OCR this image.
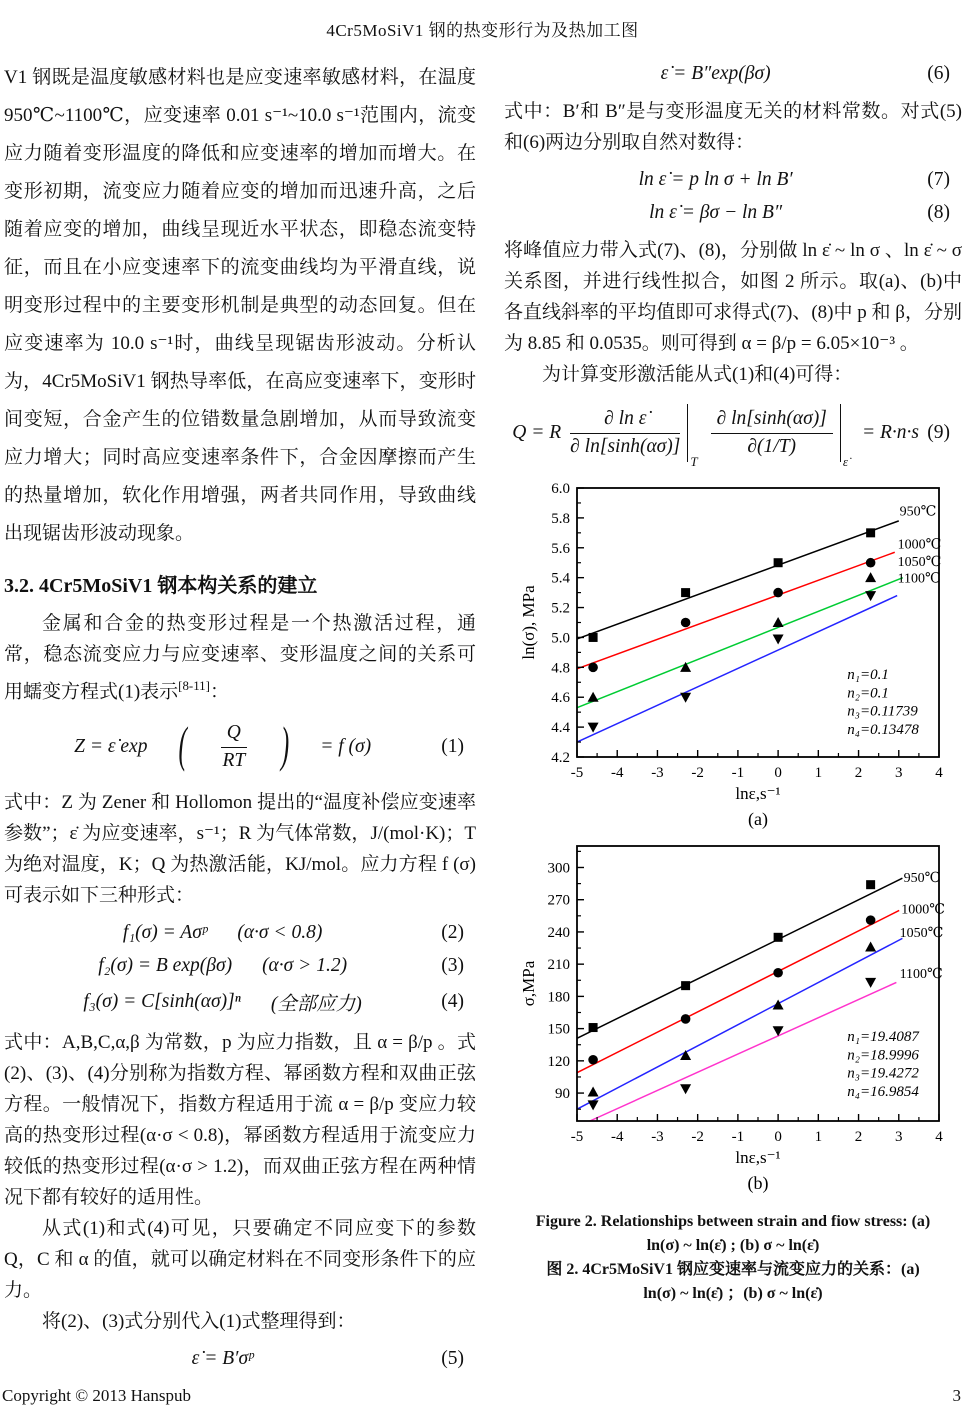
4Cr5MoSiV1 钢的热变形行为及热加工图

V1 钢既是温度敏感材料也是应变速率敏感材料，在温度 950℃~1100℃，应变速率 0.01 s⁻¹~10.0 s⁻¹范围内，流变应力随着变形温度的降低和应变速率的增加而增大。在变形初期，流变应力随着应变的增加而迅速升高，之后随着应变的增加，曲线呈现近水平状态，即稳态流变特征，而且在小应变速率下的流变曲线均为平滑直线，说明变形过程中的主要变形机制是典型的动态回复。但在应变速率为 10.0 s⁻¹时，曲线呈现锯齿形波动。分析认为，4Cr5MoSiV1 钢热导率低，在高应变速率下，变形时间变短，合金产生的位错数量急剧增加，从而导致流变应力增大；同时高应变速率条件下，合金因摩擦而产生的热量增加，软化作用增强，两者共同作用，导致曲线出现锯齿形波动现象。

3.2. 4Cr5MoSiV1 钢本构关系的建立

金属和合金的热变形过程是一个热激活过程，通常，稳态流变应力与应变速率、变形温度之间的关系可用蠕变方程式(1)表示[8-11]：

Z = ε̇ exp ( $\frac{Q}{RT}$ ) = f (σ)	(1)

式中：Z 为 Zener 和 Hollomon 提出的“温度补偿应变速率参数”；ε̇ 为应变速率，s⁻¹；R 为气体常数，J/(mol·K)；T 为绝对温度，K；Q 为热激活能，KJ/mol。应力方程 f (σ) 可表示如下三种形式：

f₁(σ) = Aσᵖ (α·σ < 0.8)	(2)
f₂(σ) = B exp(βσ) (α·σ > 1.2)	(3)
f₃(σ) = C[sinh(ασ)]ⁿ (全部应力)	(4)

式中：A,B,C,α,β 为常数，p 为应力指数，且 α = β/p 。式(2)、(3)、(4)分别称为指数方程、幂函数方程和双曲正弦方程。一般情况下，指数方程适用于流 α = β/p 变应力较高的热变形过程(α·σ < 0.8)，幂函数方程适用于流变应力较低的热变形过程(α·σ > 1.2)，而双曲正弦方程在两种情况下都有较好的适用性。

从式(1)和式(4)可见，只要确定不同应变下的参数 Q，C 和 α 的值，就可以确定材料在不同变形条件下的应力。

将(2)、(3)式分别代入(1)式整理得到：

ε̇ = B′σᵖ	(5)
ε̇ = B″exp(βσ)	(6)

式中：B′和 B″是与变形温度无关的材料常数。对式(5)和(6)两边分别取自然对数得：

ln ε̇ = p ln σ + ln B′	(7)
ln ε̇ = βσ − ln B″	(8)

将峰值应力带入式(7)、(8)，分别做 ln ε̇ ~ ln σ 、ln ε̇ ~ σ 关系图，并进行线性拟合，如图 2 所示。取(a)、(b)中各直线斜率的平均值即可求得式(7)、(8)中 p 和 β，分别为 8.85 和 0.0535。则可得到 α = β/p = 6.05×10⁻³ 。

为计算变形激活能从式(1)和(4)可得：

Q = R $\frac{\text{∂ ln ε̇}}{\partial \ln[\sinh(\alpha\sigma)]}$
T
$\frac{\partial \ln[\sinh(\alpha\sigma)]}{\partial(1/T)}$
ε̇
= R·n·s (9)
950℃
1000℃
1050℃
1100℃
n₁=0.1
n₂=0.1
n₃=0.11739
n₄=0.13478
-5 -4 -3 -2 -1 0 1 2 3 4
4.2
4.4
4.6
4.8
5.0
5.2
5.4
5.6
5.8
6.0
lnε,s⁻¹
ln(σ), MPa
(a)
950℃
1000℃
1050℃
1100℃
n₁=19.4087
n₂=18.9996
n₃=19.4272
n₄=16.9854
-5 -4 -3 -2 -1 0 1 2 3 4
90
120
150
180
210
240
270
300
lnε,s⁻¹
σ,MPa
(b)
Figure 2. Relationships between strain and fiow stress: (a)
ln(σ) ~ ln(ε̇) ; (b) σ ~ ln(ε̇)
图 2. 4Cr5MoSiV1 钢应变速率与流变应力的关系：(a)
ln(σ) ~ ln(ε̇) ；(b) σ ~ ln(ε̇)
Copyright © 2013 Hanspub	3
